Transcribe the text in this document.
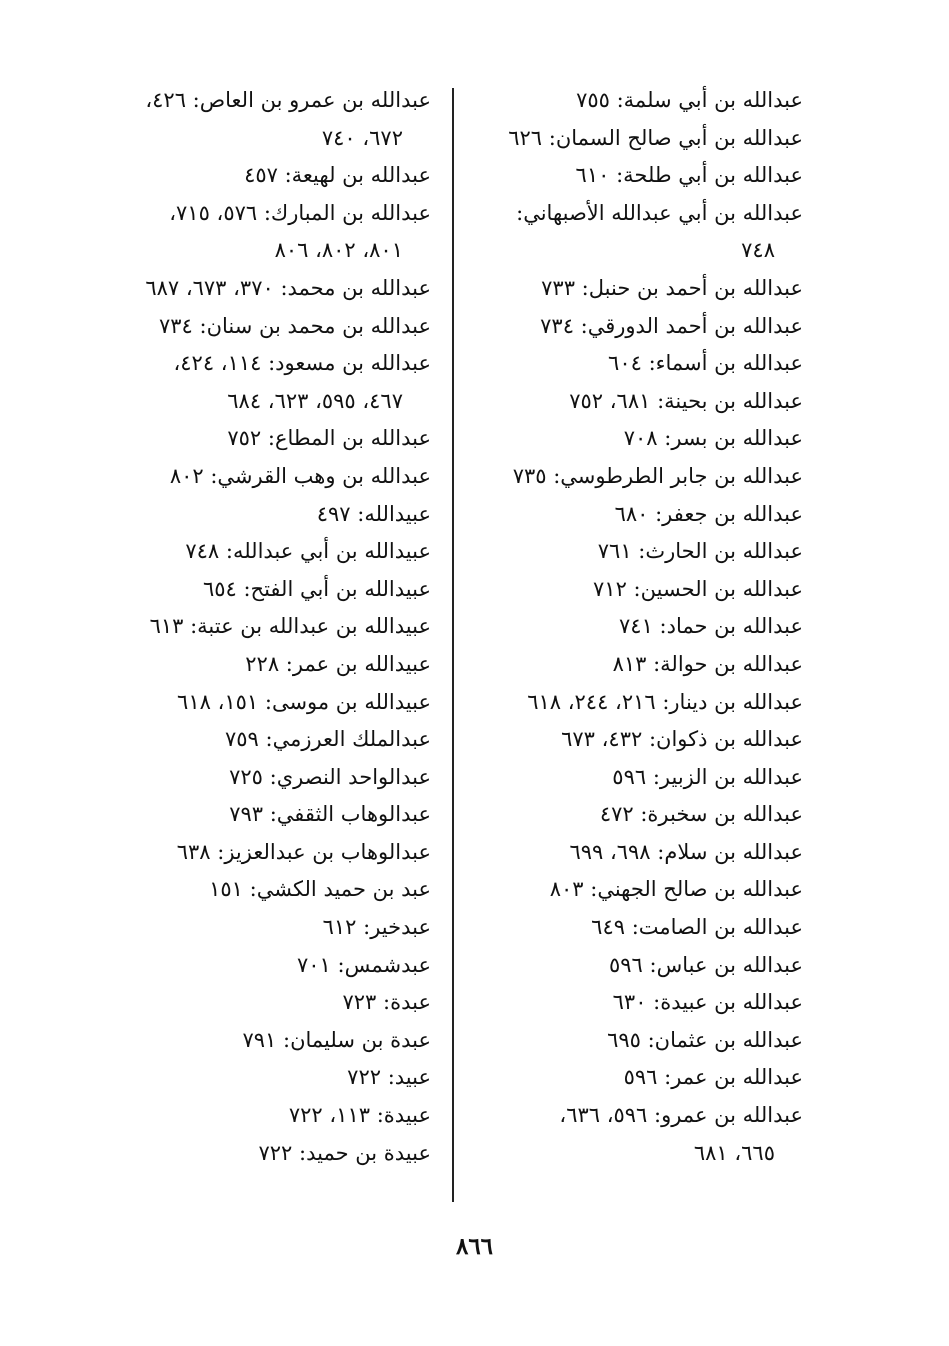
عبدالله بن أبي سلمة: ٧٥٥
عبدالله بن أبي صالح السمان: ٦٢٦
عبدالله بن أبي طلحة: ٦١٠
عبدالله بن أبي عبدالله الأصبهاني:
٧٤٨
عبدالله بن أحمد بن حنبل: ٧٣٣
عبدالله بن أحمد الدورقي: ٧٣٤
عبدالله بن أسماء: ٦٠٤
عبدالله بن بحينة: ٦٨١، ٧٥٢
عبدالله بن بسر: ٧٠٨
عبدالله بن جابر الطرطوسي: ٧٣٥
عبدالله بن جعفر: ٦٨٠
عبدالله بن الحارث: ٧٦١
عبدالله بن الحسين: ٧١٢
عبدالله بن حماد: ٧٤١
عبدالله بن حوالة: ٨١٣
عبدالله بن دينار: ٢١٦، ٢٤٤، ٦١٨
عبدالله بن ذكوان: ٤٣٢، ٦٧٣
عبدالله بن الزبير: ٥٩٦
عبدالله بن سخبرة: ٤٧٢
عبدالله بن سلام: ٦٩٨، ٦٩٩
عبدالله بن صالح الجهني: ٨٠٣
عبدالله بن الصامت: ٦٤٩
عبدالله بن عباس: ٥٩٦
عبدالله بن عبيدة: ٦٣٠
عبدالله بن عثمان: ٦٩٥
عبدالله بن عمر: ٥٩٦
عبدالله بن عمرو: ٥٩٦، ٦٣٦،
٦٦٥، ٦٨١
عبدالله بن عمرو بن العاص: ٤٢٦،
٦٧٢، ٧٤٠
عبدالله بن لهيعة: ٤٥٧
عبدالله بن المبارك: ٥٧٦، ٧١٥،
٨٠١، ٨٠٢، ٨٠٦
عبدالله بن محمد: ٣٧٠، ٦٧٣، ٦٨٧
عبدالله بن محمد بن سنان: ٧٣٤
عبدالله بن مسعود: ١١٤، ٤٢٤،
٤٦٧، ٥٩٥، ٦٢٣، ٦٨٤
عبدالله بن المطاع: ٧٥٢
عبدالله بن وهب القرشي: ٨٠٢
عبيدالله: ٤٩٧
عبيدالله بن أبي عبدالله: ٧٤٨
عبيدالله بن أبي الفتح: ٦٥٤
عبيدالله بن عبدالله بن عتبة: ٦١٣
عبيدالله بن عمر: ٢٢٨
عبيدالله بن موسى: ١٥١، ٦١٨
عبدالملك العرزمي: ٧٥٩
عبدالواحد النصري: ٧٢٥
عبدالوهاب الثقفي: ٧٩٣
عبدالوهاب بن عبدالعزيز: ٦٣٨
عبد بن حميد الكشي: ١٥١
عبدخير: ٦١٢
عبدشمس: ٧٠١
عبدة: ٧٢٣
عبدة بن سليمان: ٧٩١
عبيد: ٧٢٢
عبيدة: ١١٣، ٧٢٢
عبيدة بن حميد: ٧٢٢
٨٦٦
